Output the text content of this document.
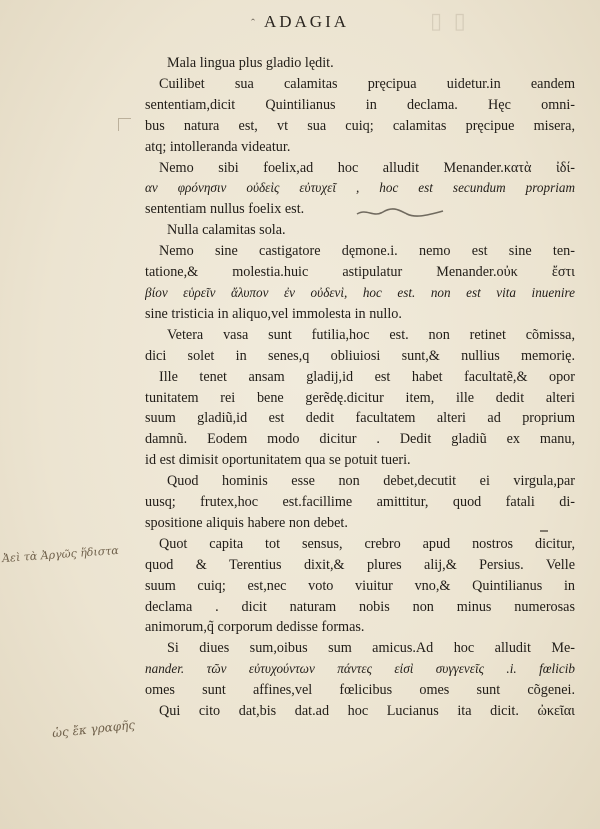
▯ ▯
ˆ ADAGIA
Mala lingua plus gladio lędit.
Cuilibet sua calamitas pręcipua uidetur.in eandem
sententiam,dicit Quintilianus in declama. Hęc omni-
bus natura est, vt sua cuiq; calamitas pręcipue misera,
atq; intolleranda videatur.
Nemo sibi foelix,ad hoc alludit Menander.κατὰ ἰδί-
αν φρόνησιν οὐδεὶς εὐτυχεῖ , hoc est secundum propriam
sententiam nullus foelix est.
Nulla calamitas sola.
Nemo sine castigatore dęmone.i. nemo est sine ten-
tatione,& molestia.huic astipulatur Menander.οὐκ ἔστι
βίον εὑρεῖν ἄλυπον ἐν οὐδενὶ, hoc est. non est vita inuenire
sine tristicia in aliquo,vel immolesta in nullo.
Vetera vasa sunt futilia,hoc est. non retinet cõmissa,
dici solet in senes,q obliuiosi sunt,& nullius memorię.
Ille tenet ansam gladij,id est habet facultatẽ,& opor
tunitatem rei bene gerẽdę.dicitur item, ille dedit alteri
suum gladiũ,id est dedit facultatem alteri ad proprium
damnũ. Eodem modo dicitur . Dedit gladiũ ex manu,
id est dimisit oportunitatem qua se potuit tueri.
Quod hominis esse non debet,decutit ei virgula,par
uusq; frutex,hoc est.facillime amittitur, quod fatali di-
spositione aliquis habere non debet.
Quot capita tot sensus, crebro apud nostros dicitur,
quod & Terentius dixit,& plures alij,& Persius. Velle
suum cuiq; est,nec voto viuitur vno,& Quintilianus in
declama . dicit naturam nobis non minus numerosas
animorum,q̃ corporum dedisse formas.
Si diues sum,oibus sum amicus.Ad hoc alludit Me-
nander. τῶν εὐτυχούντων πάντες εἰσὶ συγγενεῖς .i. fœlicib
omes sunt affines,vel fœlicibus omes sunt cõgenei.
Qui cito dat,bis dat.ad hoc Lucianus ita dicit. ὠκεῖαι
Ἀεὶ τὰ Ἀργῶς ἥδιστα
ὡς ἔκ γραφῆς
